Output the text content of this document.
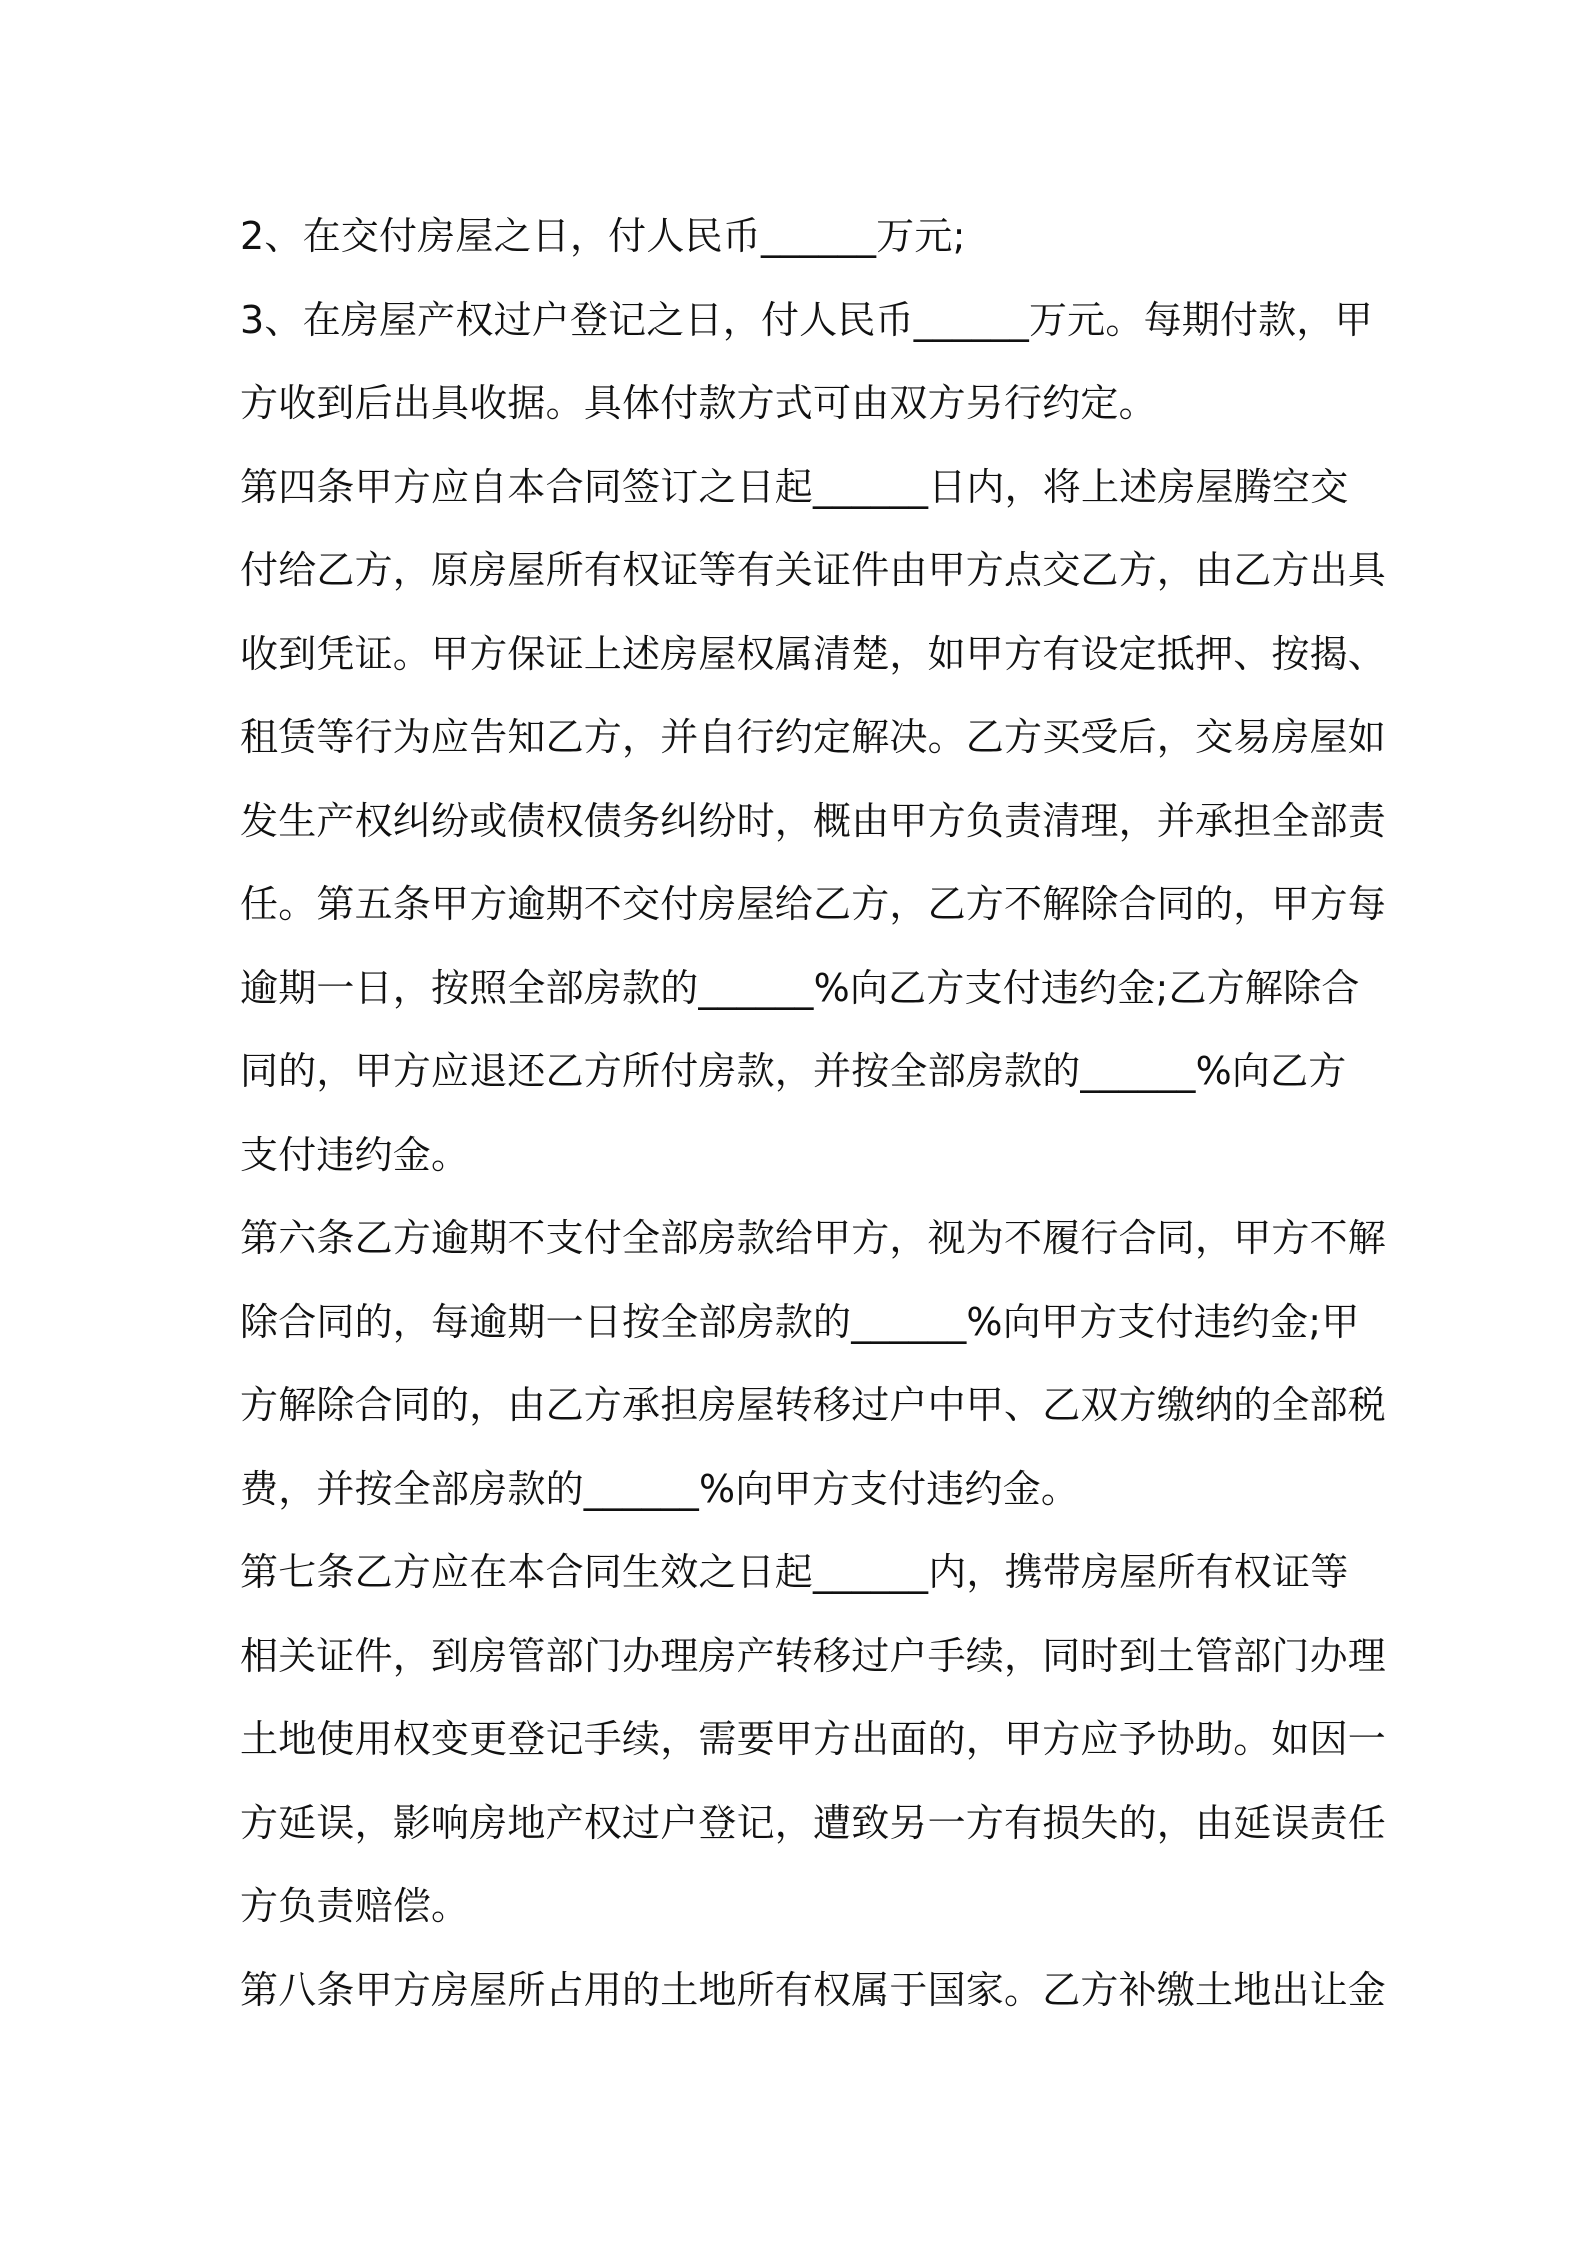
2、在交付房屋之日，付人民币______万元;
3、在房屋产权过户登记之日，付人民币______万元。每期付款，甲
方收到后出具收据。具体付款方式可由双方另行约定。
第四条甲方应自本合同签订之日起______日内，将上述房屋腾空交
付给乙方，原房屋所有权证等有关证件由甲方点交乙方，由乙方出具
收到凭证。甲方保证上述房屋权属清楚，如甲方有设定抵押、按揭、
租赁等行为应告知乙方，并自行约定解决。乙方买受后，交易房屋如
发生产权纠纷或债权债务纠纷时，概由甲方负责清理，并承担全部责
任。第五条甲方逾期不交付房屋给乙方，乙方不解除合同的，甲方每
逾期一日，按照全部房款的______%向乙方支付违约金;乙方解除合
同的，甲方应退还乙方所付房款，并按全部房款的______%向乙方
支付违约金。
第六条乙方逾期不支付全部房款给甲方，视为不履行合同，甲方不解
除合同的，每逾期一日按全部房款的______%向甲方支付违约金;甲
方解除合同的，由乙方承担房屋转移过户中甲、乙双方缴纳的全部税
费，并按全部房款的______%向甲方支付违约金。
第七条乙方应在本合同生效之日起______内，携带房屋所有权证等
相关证件，到房管部门办理房产转移过户手续，同时到土管部门办理
土地使用权变更登记手续，需要甲方出面的，甲方应予协助。如因一
方延误，影响房地产权过户登记，遭致另一方有损失的，由延误责任
方负责赔偿。
第八条甲方房屋所占用的土地所有权属于国家。乙方补缴土地出让金
